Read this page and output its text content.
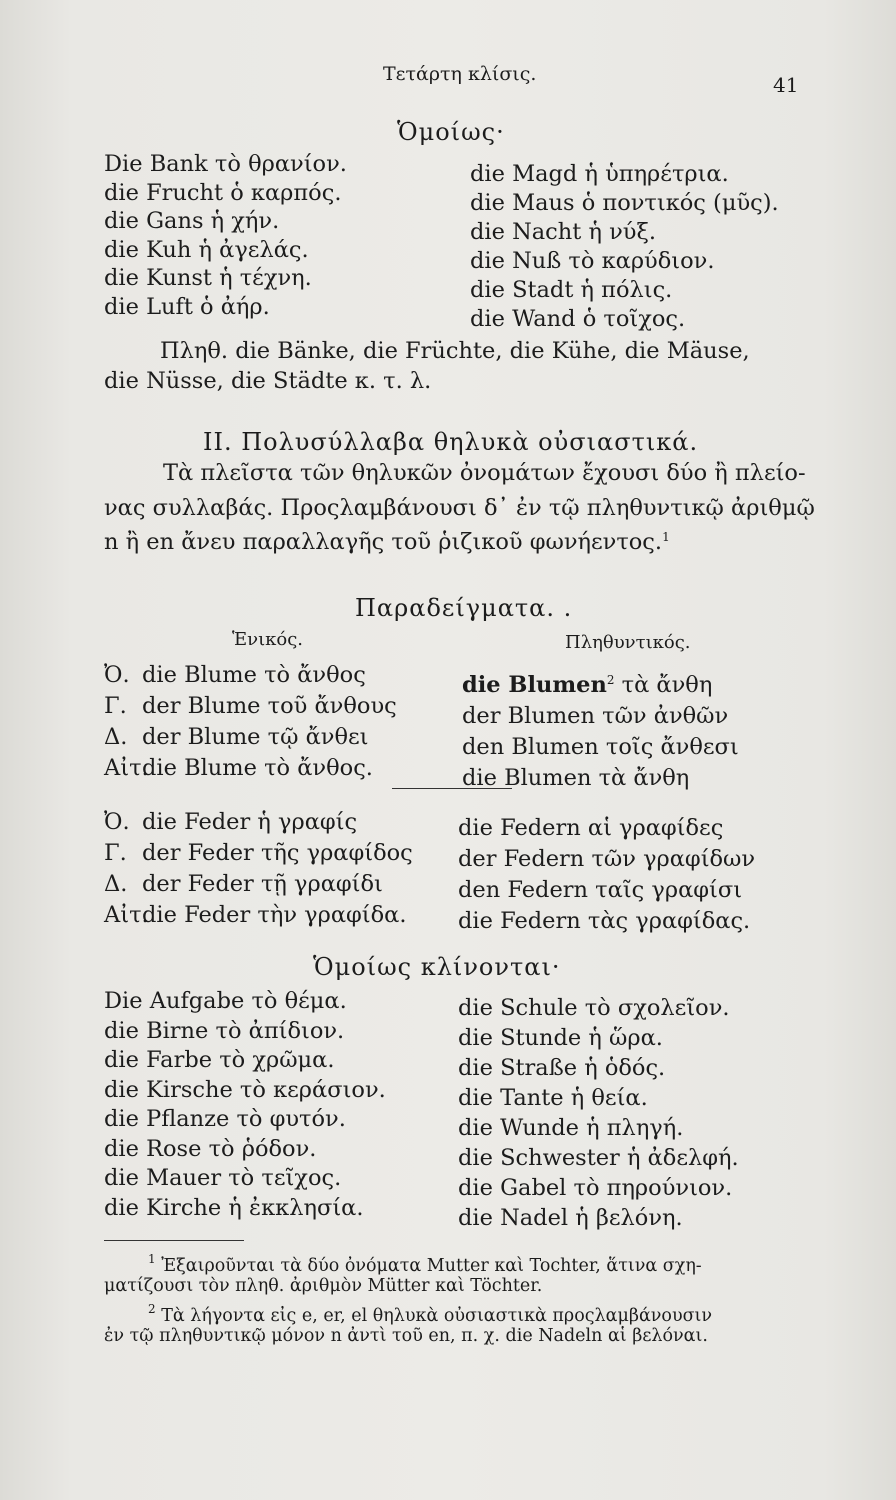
Τετάρτη κλίσις.	41
Ὁμοίως·
Die Bank τὸ θρανίον.
die Frucht ὁ καρπός.
die Gans ἡ χήν.
die Kuh ἡ ἀγελάς.
die Kunst ἡ τέχνη.
die Luft ὁ ἀήρ.
die Magd ἡ ὑπηρέτρια.
die Maus ὁ ποντικός (μῦς).
die Nacht ἡ νύξ.
die Nuß τὸ καρύδιον.
die Stadt ἡ πόλις.
die Wand ὁ τοῖχος.
Πληθ. die Bänke, die Früchte, die Kühe, die Mäuse,
die Nüsse, die Städte κ. τ. λ.
II. Πολυσύλλαβα θηλυκὰ οὐσιαστικά.
Τὰ πλεῖστα τῶν θηλυκῶν ὀνομάτων ἔχουσι δύο ἢ πλείο-
νας συλλαβάς. Προςλαμβάνουσι δ᾽ ἐν τῷ πληθυντικῷ ἀριθμῷ
n ἢ en ἄνευ παραλλαγῆς τοῦ ῥιζικοῦ φωνήεντος.$^1$
Παραδείγματα. .
Ἑνικός.	Πληθυντικός.
Ὀ. die Blume τὸ ἄνθος
Γ. der Blume τοῦ ἄνθους
Δ. der Blume τῷ ἄνθει
Αἰτ.die Blume τὸ ἄνθος.
die Blumen$^2$ τὰ ἄνθη
der Blumen τῶν ἀνθῶν
den Blumen τοῖς ἄνθεσι
die Blumen τὰ ἄνθη
Ὀ. die Feder ἡ γραφίς
Γ. der Feder τῆς γραφίδος
Δ. der Feder τῇ γραφίδι
Αἰτ.die Feder τὴν γραφίδα.
die Federn αἱ γραφίδες
der Federn τῶν γραφίδων
den Federn ταῖς γραφίσι
die Federn τὰς γραφίδας.
Ὁμοίως κλίνονται·
Die Aufgabe τὸ θέμα.
die Birne τὸ ἀπίδιον.
die Farbe τὸ χρῶμα.
die Kirsche τὸ κεράσιον.
die Pflanze τὸ φυτόν.
die Rose τὸ ῥόδον.
die Mauer τὸ τεῖχος.
die Kirche ἡ ἐκκλησία.
die Schule τὸ σχολεῖον.
die Stunde ἡ ὥρα.
die Straße ἡ ὁδός.
die Tante ἡ θεία.
die Wunde ἡ πληγή.
die Schwester ἡ ἀδελφή.
die Gabel τὸ πηρούνιον.
die Nadel ἡ βελόνη.
$^1$ Ἐξαιροῦνται τὰ δύο ὀνόματα Mutter καὶ Tochter, ἅτινα σχη-
ματίζουσι τὸν πληθ. ἀριθμὸν Mütter καὶ Töchter.
$^2$ Τὰ λήγοντα εἰς e, er, el θηλυκὰ οὐσιαστικὰ προςλαμβάνουσιν
ἐν τῷ πληθυντικῷ μόνον n ἀντὶ τοῦ en, π. χ. die Nadeln αἱ βελόναι.
